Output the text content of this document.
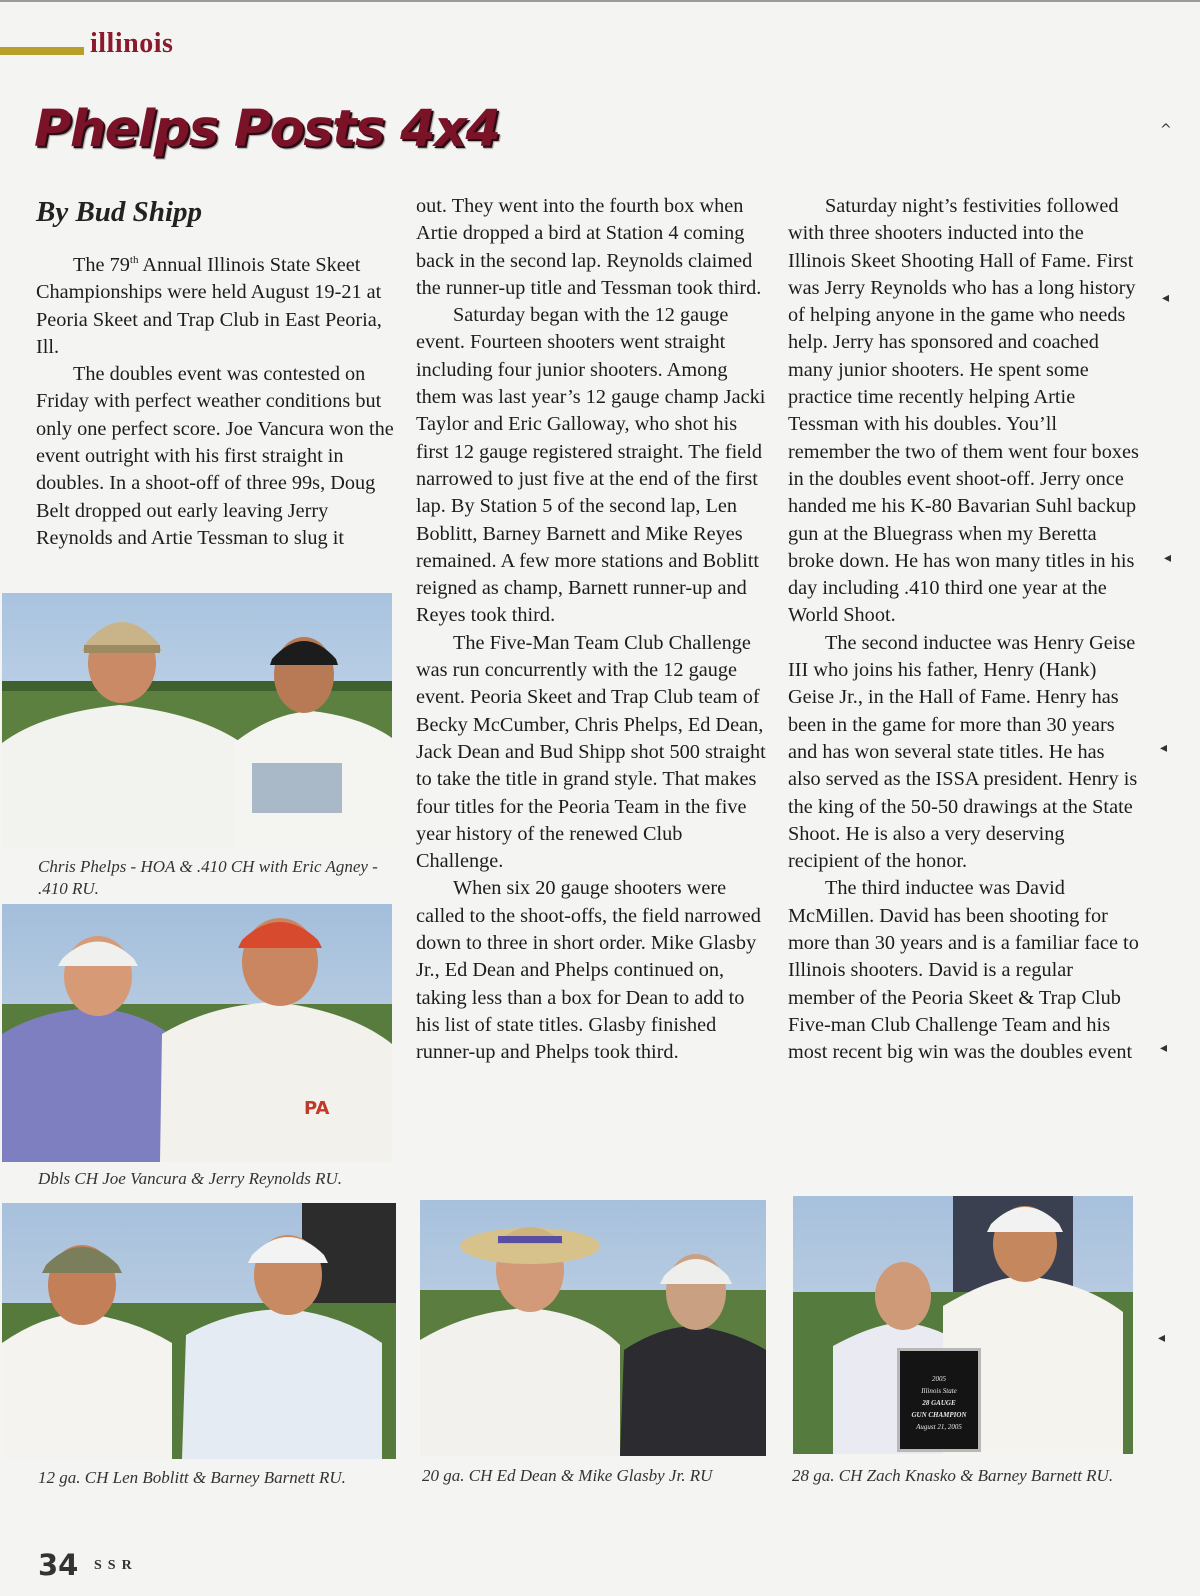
illinois
Phelps Posts 4x4
By Bud Shipp

The 79th Annual Illinois State Skeet Championships were held August 19-21 at Peoria Skeet and Trap Club in East Peoria, Ill.

The doubles event was contested on Friday with perfect weather conditions but only one perfect score. Joe Vancura won the event outright with his first straight in doubles. In a shoot-off of three 99s, Doug Belt dropped out early leaving Jerry Reynolds and Artie Tessman to slug it

out. They went into the fourth box when Artie dropped a bird at Station 4 coming back in the second lap. Reynolds claimed the runner-up title and Tessman took third.

Saturday began with the 12 gauge event. Fourteen shooters went straight including four junior shooters. Among them was last year’s 12 gauge champ Jacki Taylor and Eric Galloway, who shot his first 12 gauge registered straight. The field narrowed to just five at the end of the first lap. By Station 5 of the second lap, Len Boblitt, Barney Barnett and Mike Reyes remained. A few more stations and Boblitt reigned as champ, Barnett runner-up and Reyes took third.

The Five-Man Team Club Challenge was run concurrently with the 12 gauge event. Peoria Skeet and Trap Club team of Becky McCumber, Chris Phelps, Ed Dean, Jack Dean and Bud Shipp shot 500 straight to take the title in grand style. That makes four titles for the Peoria Team in the five year history of the renewed Club Challenge.

When six 20 gauge shooters were called to the shoot-offs, the field narrowed down to three in short order. Mike Glasby Jr., Ed Dean and Phelps continued on, taking less than a box for Dean to add to his list of state titles. Glasby finished runner-up and Phelps took third.

Saturday night’s festivities followed with three shooters inducted into the Illinois Skeet Shooting Hall of Fame. First was Jerry Reynolds who has a long history of helping anyone in the game who needs help. Jerry has sponsored and coached many junior shooters. He spent some practice time recently helping Artie Tessman with his doubles. You’ll remember the two of them went four boxes in the doubles event shoot-off. Jerry once handed me his K-80 Bavarian Suhl backup gun at the Bluegrass when my Beretta broke down. He has won many titles in his day including .410 third one year at the World Shoot.

The second inductee was Henry Geise III who joins his father, Henry (Hank) Geise Jr., in the Hall of Fame. Henry has been in the game for more than 30 years and has won several state titles. He has also served as the ISSA president. Henry is the king of the 50-50 drawings at the State Shoot. He is also a very deserving recipient of the honor.

The third inductee was David McMillen. David has been shooting for more than 30 years and is a familiar face to Illinois shooters. David is a regular member of the Peoria Skeet & Trap Club Five-man Club Challenge Team and his most recent big win was the doubles event

Chris Phelps - HOA & .410 CH with Eric Agney - .410 RU.
PA
Dbls CH Joe Vancura & Jerry Reynolds RU.
12 ga. CH Len Boblitt & Barney Barnett RU.	20 ga. CH Ed Dean & Mike Glasby Jr. RU
2005
Illinois State
28 GAUGE
GUN CHAMPION
August 21, 2005
28 ga. CH Zach Knasko & Barney Barnett RU.
34 SSR
^
◂
◂
◂
◂
◂
